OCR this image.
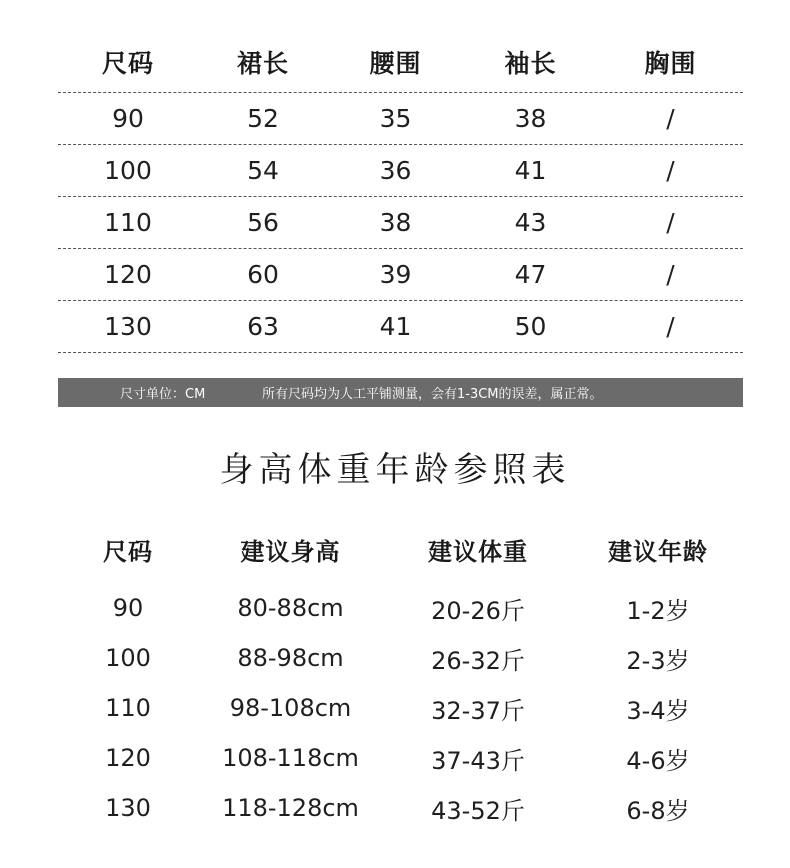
尺码	裙长	腰围	袖长	胸围
90	52	35	38	/
100	54	36	41	/
110	56	38	43	/
120	60	39	47	/
130	63	41	50	/
尺寸单位：CM	所有尺码均为人工平铺测量，会有1-3CM的误差，属正常。
身高体重年龄参照表
尺码	建议身高	建议体重	建议年龄
90	80-88cm	20-26斤	1-2岁
100	88-98cm	26-32斤	2-3岁
110	98-108cm	32-37斤	3-4岁
120	108-118cm	37-43斤	4-6岁
130	118-128cm	43-52斤	6-8岁
